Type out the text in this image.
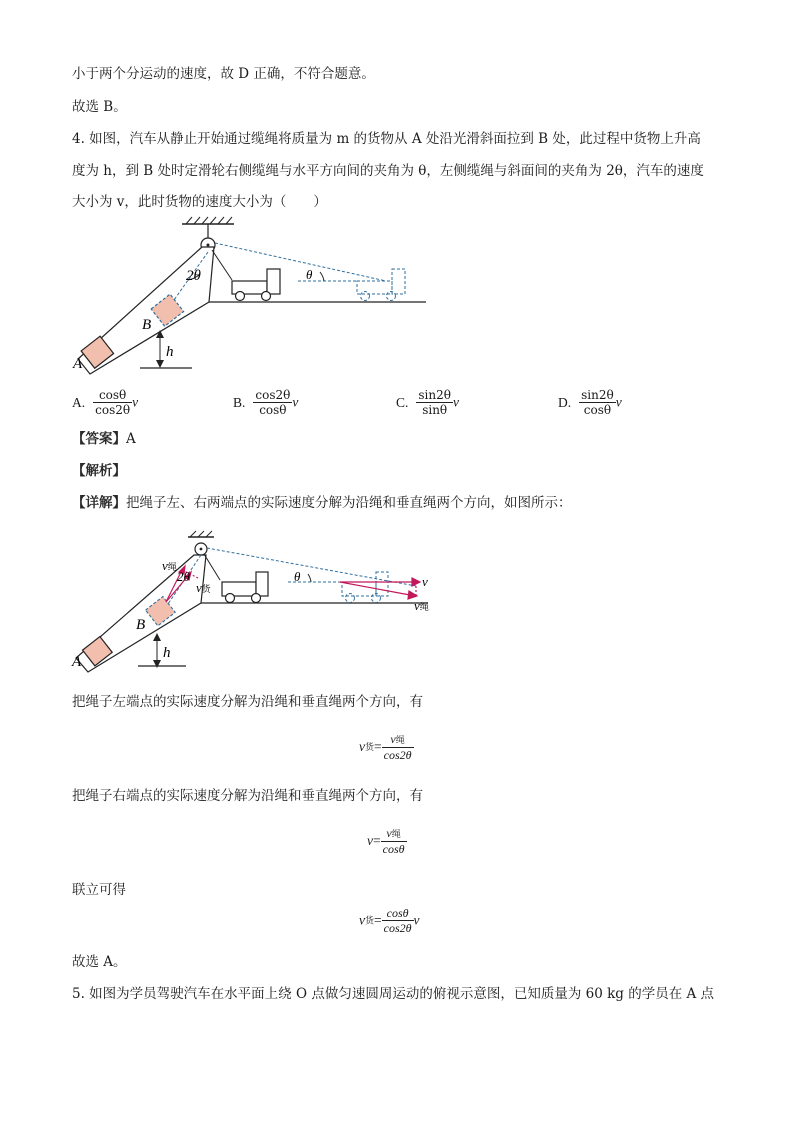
小于两个分运动的速度，故 D 正确，不符合题意。
故选 B。
4. 如图，汽车从静止开始通过缆绳将质量为 m 的货物从 A 处沿光滑斜面拉到 B 处，此过程中货物上升高
度为 h，到 B 处时定滑轮右侧缆绳与水平方向间的夹角为 θ，左侧缆绳与斜面间的夹角为 2θ，汽车的速度
大小为 v，此时货物的速度大小为（　　）
2θ	θ
A
B
h
A. $\frac{\cos\theta}{\cos 2\theta}$ v	B. $\frac{\cos 2\theta}{\cos\theta}$ v	C. $\frac{\sin 2\theta}{\sin\theta}$ v	D. $\frac{\sin 2\theta}{\cos\theta}$ v
【答案】A
【解析】
【详解】把绳子左、右两端点的实际速度分解为沿绳和垂直绳两个方向，如图所示：
v绳
2θ
v货
θ	v
v绳
A
B
h
把绳子左端点的实际速度分解为沿绳和垂直绳两个方向，有
v货= $\frac{\text{v绳}}{\cos 2\theta}$
把绳子右端点的实际速度分解为沿绳和垂直绳两个方向，有
$v= \frac{\text{v绳}}{\cos\theta}$
联立可得
v货= $\frac{\cos\theta}{\cos 2\theta}$ v
故选 A。
5. 如图为学员驾驶汽车在水平面上绕 O 点做匀速圆周运动的俯视示意图，已知质量为 60 kg 的学员在 A 点
